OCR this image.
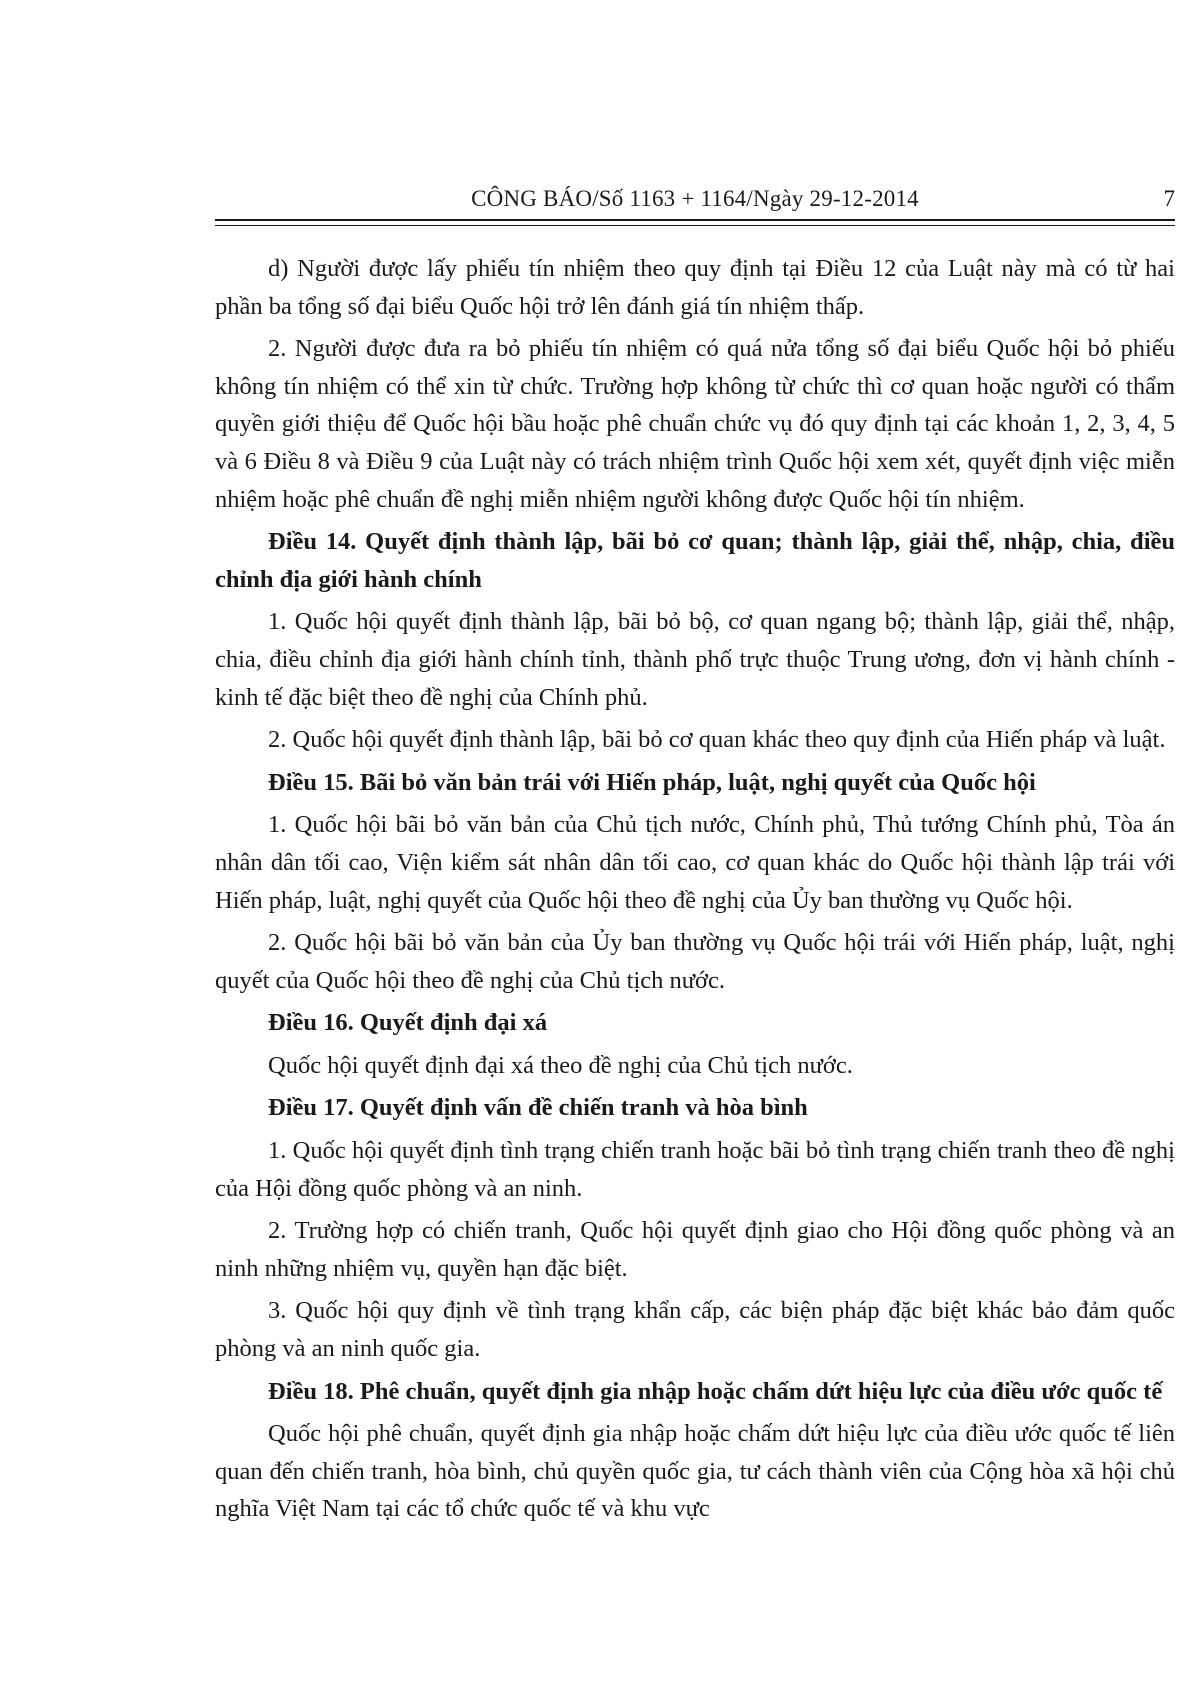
CÔNG BÁO/Số 1163 + 1164/Ngày 29-12-2014	7

d) Người được lấy phiếu tín nhiệm theo quy định tại Điều 12 của Luật này mà có từ hai phần ba tổng số đại biểu Quốc hội trở lên đánh giá tín nhiệm thấp.

2. Người được đưa ra bỏ phiếu tín nhiệm có quá nửa tổng số đại biểu Quốc hội bỏ phiếu không tín nhiệm có thể xin từ chức. Trường hợp không từ chức thì cơ quan hoặc người có thẩm quyền giới thiệu để Quốc hội bầu hoặc phê chuẩn chức vụ đó quy định tại các khoản 1, 2, 3, 4, 5 và 6 Điều 8 và Điều 9 của Luật này có trách nhiệm trình Quốc hội xem xét, quyết định việc miễn nhiệm hoặc phê chuẩn đề nghị miễn nhiệm người không được Quốc hội tín nhiệm.

Điều 14. Quyết định thành lập, bãi bỏ cơ quan; thành lập, giải thể, nhập, chia, điều chỉnh địa giới hành chính

1. Quốc hội quyết định thành lập, bãi bỏ bộ, cơ quan ngang bộ; thành lập, giải thể, nhập, chia, điều chỉnh địa giới hành chính tỉnh, thành phố trực thuộc Trung ương, đơn vị hành chính - kinh tế đặc biệt theo đề nghị của Chính phủ.

2. Quốc hội quyết định thành lập, bãi bỏ cơ quan khác theo quy định của Hiến pháp và luật.

Điều 15. Bãi bỏ văn bản trái với Hiến pháp, luật, nghị quyết của Quốc hội

1. Quốc hội bãi bỏ văn bản của Chủ tịch nước, Chính phủ, Thủ tướng Chính phủ, Tòa án nhân dân tối cao, Viện kiểm sát nhân dân tối cao, cơ quan khác do Quốc hội thành lập trái với Hiến pháp, luật, nghị quyết của Quốc hội theo đề nghị của Ủy ban thường vụ Quốc hội.

2. Quốc hội bãi bỏ văn bản của Ủy ban thường vụ Quốc hội trái với Hiến pháp, luật, nghị quyết của Quốc hội theo đề nghị của Chủ tịch nước.

Điều 16. Quyết định đại xá

Quốc hội quyết định đại xá theo đề nghị của Chủ tịch nước.

Điều 17. Quyết định vấn đề chiến tranh và hòa bình

1. Quốc hội quyết định tình trạng chiến tranh hoặc bãi bỏ tình trạng chiến tranh theo đề nghị của Hội đồng quốc phòng và an ninh.

2. Trường hợp có chiến tranh, Quốc hội quyết định giao cho Hội đồng quốc phòng và an ninh những nhiệm vụ, quyền hạn đặc biệt.

3. Quốc hội quy định về tình trạng khẩn cấp, các biện pháp đặc biệt khác bảo đảm quốc phòng và an ninh quốc gia.

Điều 18. Phê chuẩn, quyết định gia nhập hoặc chấm dứt hiệu lực của điều ước quốc tế

Quốc hội phê chuẩn, quyết định gia nhập hoặc chấm dứt hiệu lực của điều ước quốc tế liên quan đến chiến tranh, hòa bình, chủ quyền quốc gia, tư cách thành viên của Cộng hòa xã hội chủ nghĩa Việt Nam tại các tổ chức quốc tế và khu vực
